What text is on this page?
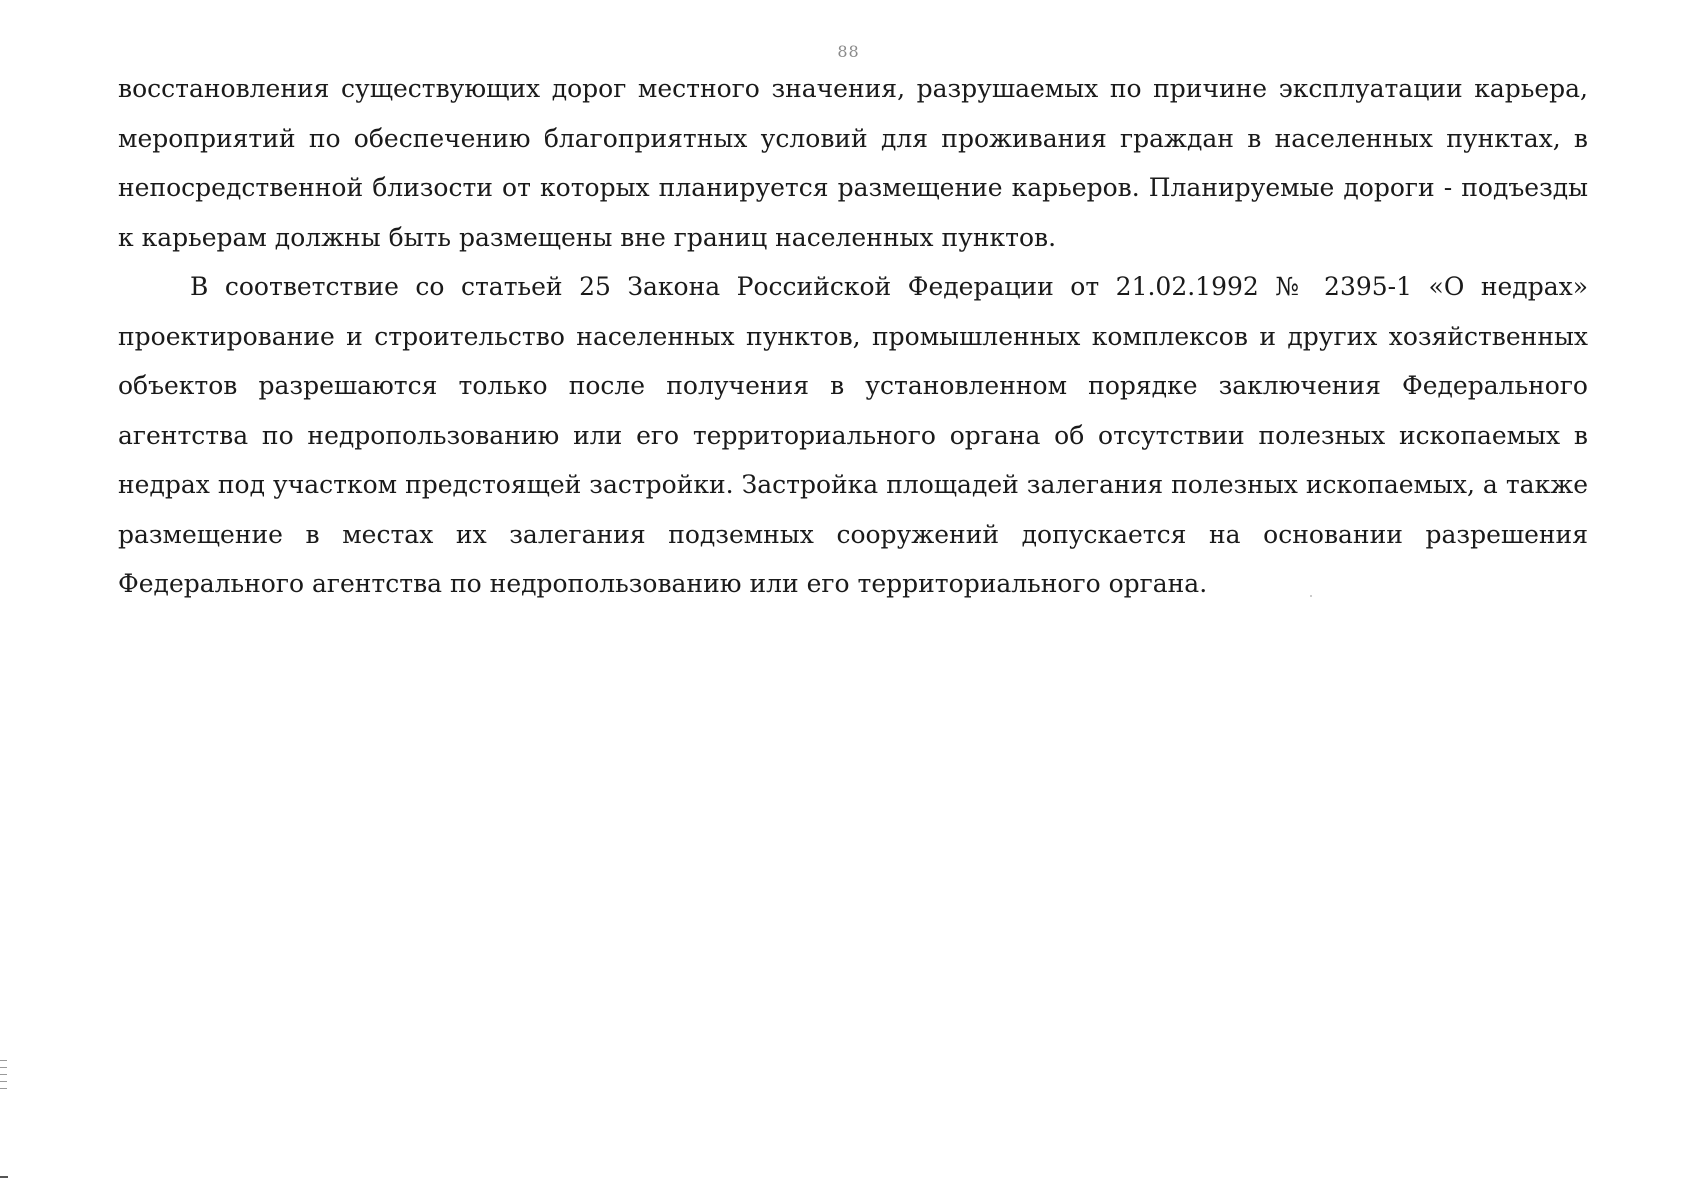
88

восстановления существующих дорог местного значения, разрушаемых по причине эксплуатации карьера, мероприятий по обеспечению благоприятных условий для проживания граждан в населенных пунктах, в непосредственной близости от которых планируется размещение карьеров. Планируемые дороги - подъезды к карьерам должны быть размещены вне границ населенных пунктов.

В соответствие со статьей 25 Закона Российской Федерации от 21.02.1992 № 2395-1 «О недрах» проектирование и строительство населенных пунктов, промышленных комплексов и других хозяйственных объектов разрешаются только после получения в установленном порядке заключения Федерального агентства по недропользованию или его территориального органа об отсутствии полезных ископаемых в недрах под участком предстоящей застройки. Застройка площадей залегания полезных ископаемых, а также размещение в местах их залегания подземных сооружений допускается на основании разрешения Федерального агентства по недропользованию или его территориального органа.
